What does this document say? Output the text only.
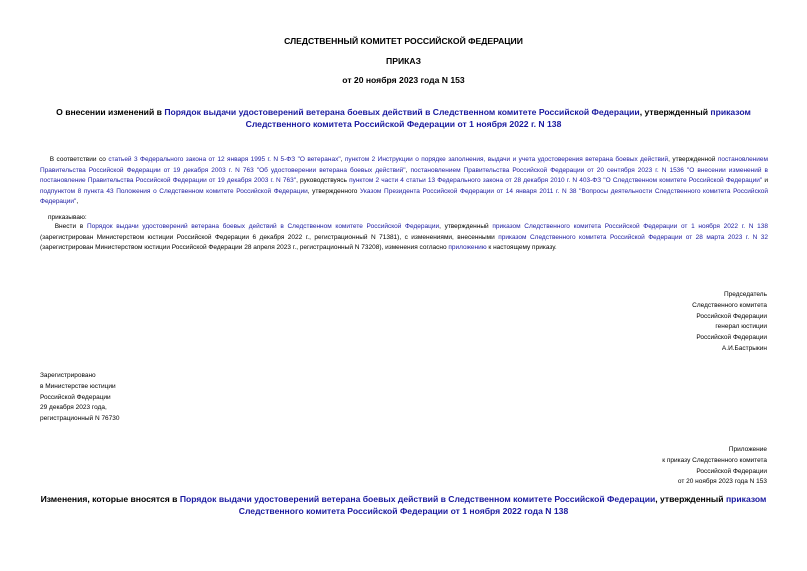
СЛЕДСТВЕННЫЙ КОМИТЕТ РОССИЙСКОЙ ФЕДЕРАЦИИ
ПРИКАЗ
от 20 ноября 2023 года N 153
О внесении изменений в Порядок выдачи удостоверений ветерана боевых действий в Следственном комитете Российской Федерации, утвержденный приказом Следственного комитета Российской Федерации от 1 ноября 2022 г. N 138
В соответствии со статьей 3 Федерального закона от 12 января 1995 г. N 5-ФЗ "О ветеранах", пунктом 2 Инструкции о порядке заполнения, выдачи и учета удостоверения ветерана боевых действий, утвержденной постановлением Правительства Российской Федерации от 19 декабря 2003 г. N 763 "Об удостоверении ветерана боевых действий", постановлением Правительства Российской Федерации от 20 сентября 2023 г. N 1536 "О внесении изменений в постановление Правительства Российской Федерации от 19 декабря 2003 г. N 763", руководствуясь пунктом 2 части 4 статьи 13 Федерального закона от 28 декабря 2010 г. N 403-ФЗ "О Следственном комитете Российской Федерации" и подпунктом 8 пункта 43 Положения о Следственном комитете Российской Федерации, утвержденного Указом Президента Российской Федерации от 14 января 2011 г. N 38 "Вопросы деятельности Следственного комитета Российской Федерации",
приказываю:
Внести в Порядок выдачи удостоверений ветерана боевых действий в Следственном комитете Российской Федерации, утвержденный приказом Следственного комитета Российской Федерации от 1 ноября 2022 г. N 138 (зарегистрирован Министерством юстиции Российской Федерации 6 декабря 2022 г., регистрационный N 71381), с изменениями, внесенными приказом Следственного комитета Российской Федерации от 28 марта 2023 г. N 32 (зарегистрирован Министерством юстиции Российской Федерации 28 апреля 2023 г., регистрационный N 73208), изменения согласно приложению к настоящему приказу.
Председатель
Следственного комитета
Российской Федерации
генерал юстиции
Российской Федерации
А.И.Бастрыкин
Зарегистрировано
в Министерстве юстиции
Российской Федерации
29 декабря 2023 года,
регистрационный N 76730
Приложение
к приказу Следственного комитета
Российской Федерации
от 20 ноября 2023 года N 153
Изменения, которые вносятся в Порядок выдачи удостоверений ветерана боевых действий в Следственном комитете Российской Федерации, утвержденный приказом Следственного комитета Российской Федерации от 1 ноября 2022 года N 138
